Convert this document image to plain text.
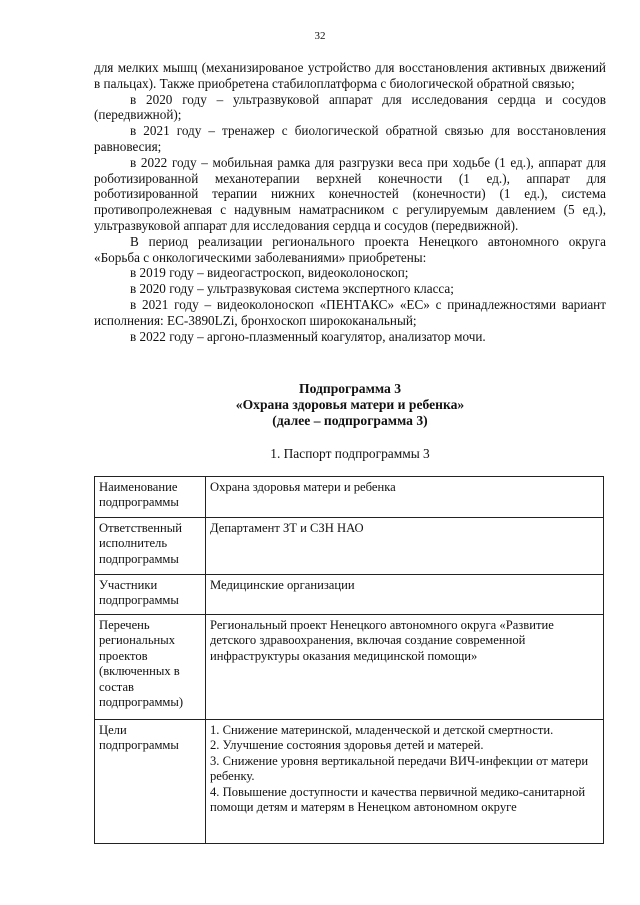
32

для мелких мышц (механизированое устройство для восстановления активных движений в пальцах). Также приобретена стабилоплатформа с биологической обратной связью;

в 2020 году – ультразвуковой аппарат для исследования сердца и сосудов (передвижной);

в 2021 году – тренажер с биологической обратной связью для восстановления равновесия;

в 2022 году – мобильная рамка для разгрузки веса при ходьбе (1 ед.), аппарат для роботизированной механотерапии верхней конечности (1 ед.), аппарат для роботизированной терапии нижних конечностей (конечности) (1 ед.), система противопролежневая с надувным наматрасником с регулируемым давлением (5 ед.), ультразвуковой аппарат для исследования сердца и сосудов (передвижной).

В период реализации регионального проекта Ненецкого автономного округа «Борьба с онкологическими заболеваниями» приобретены:

в 2019 году – видеогастроскоп, видеоколоноскоп;

в 2020 году – ультразвуковая система экспертного класса;

в 2021 году – видеоколоноскоп «ПЕНТАКС» «ЕС» с принадлежностями вариант исполнения: ЕС-3890LZi, бронхоскоп ширококанальный;

в 2022 году – аргоно-плазменный коагулятор, анализатор мочи.

Подпрограмма 3
«Охрана здоровья матери и ребенка»
(далее – подпрограмма 3)
1. Паспорт подпрограммы 3
Наименование подпрограммы	Охрана здоровья матери и ребенка
Ответственный исполнитель подпрограммы	Департамент ЗТ и СЗН НАО
Участники подпрограммы	Медицинские организации
Перечень региональных проектов (включенных в состав подпрограммы)	Региональный проект Ненецкого автономного округа «Развитие детского здравоохранения, включая создание современной инфраструктуры оказания медицинской помощи»
Цели подпрограммы	1. Снижение материнской, младенческой и детской смертности.
2. Улучшение состояния здоровья детей и матерей.
3. Снижение уровня вертикальной передачи ВИЧ-инфекции от матери ребенку.
4. Повышение доступности и качества первичной медико-санитарной помощи детям и матерям в Ненецком автономном округе
